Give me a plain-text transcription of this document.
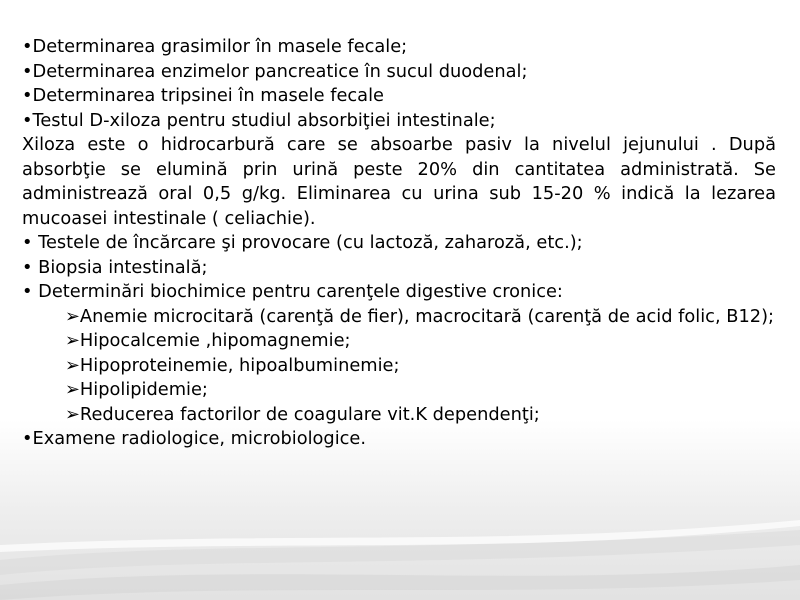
•Determinarea grasimilor în masele fecale;
•Determinarea enzimelor pancreatice în sucul duodenal;
•Determinarea tripsinei în masele fecale
•Testul D-xiloza pentru studiul absorbiţiei intestinale;
Xiloza este o hidrocarbură care se absoarbe pasiv la nivelul jejunului . După absorbţie se elumină prin urină peste 20% din cantitatea administrată. Se administrează oral 0,5 g/kg. Eliminarea cu urina sub 15-20 % indică la lezarea mucoasei intestinale ( celiachie).
• Testele de încărcare şi provocare (cu lactoză, zaharoză, etc.);
• Biopsia intestinală;
• Determinări biochimice pentru carenţele digestive cronice:
➢Anemie microcitară (carenţă de fier), macrocitară (carenţă de acid folic, B12);
➢Hipocalcemie ,hipomagnemie;
➢Hipoproteinemie, hipoalbuminemie;
➢Hipolipidemie;
➢Reducerea factorilor de coagulare vit.K dependenţi;
•Examene radiologice, microbiologice.
